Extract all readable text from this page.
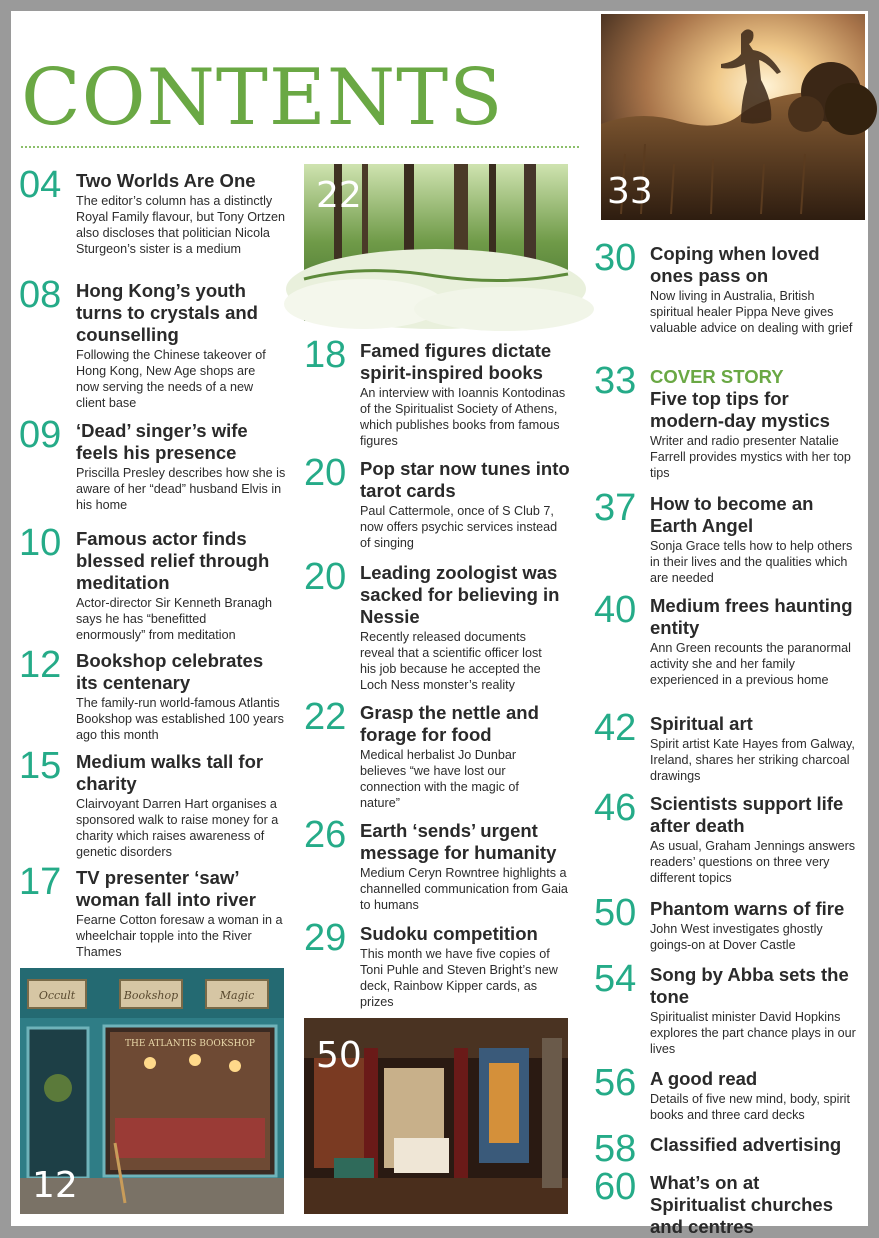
CONTENTS
33
22
Occult	Bookshop	Magic
THE ATLANTIS BOOKSHOP
12
50
04 Two Worlds Are One
The editor’s column has a distinctly Royal Family flavour, but Tony Ortzen also discloses that politician Nicola Sturgeon’s sister is a medium
08 Hong Kong’s youth turns to crystals and counselling
Following the Chinese takeover of Hong Kong, New Age shops are now serving the needs of a new client base
09 ‘Dead’ singer’s wife feels his presence
Priscilla Presley describes how she is aware of her “dead” husband Elvis in his home
10 Famous actor finds blessed relief through meditation
Actor-director Sir Kenneth Branagh says he has “benefitted enormously” from meditation
12 Bookshop celebrates its centenary
The family-run world-famous Atlantis Bookshop was established 100 years ago this month
15 Medium walks tall for charity
Clairvoyant Darren Hart organises a sponsored walk to raise money for a charity which raises awareness of genetic disorders
17 TV presenter ‘saw’ woman fall into river
Fearne Cotton foresaw a woman in a wheelchair topple into the River Thames
18 Famed figures dictate spirit-inspired books
An interview with Ioannis Kontodinas of the Spiritualist Society of Athens, which publishes books from famous figures
20 Pop star now tunes into tarot cards
Paul Cattermole, once of S Club 7, now offers psychic services instead of singing
20 Leading zoologist was sacked for believing in Nessie
Recently released documents reveal that a scientific officer lost his job because he accepted the Loch Ness monster’s reality
22 Grasp the nettle and forage for food
Medical herbalist Jo Dunbar believes “we have lost our connection with the magic of nature”
26 Earth ‘sends’ urgent message for humanity
Medium Ceryn Rowntree highlights a channelled communication from Gaia to humans
29 Sudoku competition
This month we have five copies of Toni Puhle and Steven Bright’s new deck, Rainbow Kipper cards, as prizes
30 Coping when loved ones pass on
Now living in Australia, British spiritual healer Pippa Neve gives valuable advice on dealing with grief
33 COVER STORY
Five top tips for modern-day mystics
Writer and radio presenter Natalie Farrell provides mystics with her top tips
37 How to become an Earth Angel
Sonja Grace tells how to help others in their lives and the qualities which are needed
40 Medium frees haunting entity
Ann Green recounts the paranormal activity she and her family experienced in a previous home
42 Spiritual art
Spirit artist Kate Hayes from Galway, Ireland, shares her striking charcoal drawings
46 Scientists support life after death
As usual, Graham Jennings answers readers’ questions on three very different topics
50 Phantom warns of fire
John West investigates ghostly goings-on at Dover Castle
54 Song by Abba sets the tone
Spiritualist minister David Hopkins explores the part chance plays in our lives
56 A good read
Details of five new mind, body, spirit books and three card decks
58 Classified advertising
60 What’s on at Spiritualist churches and centres
